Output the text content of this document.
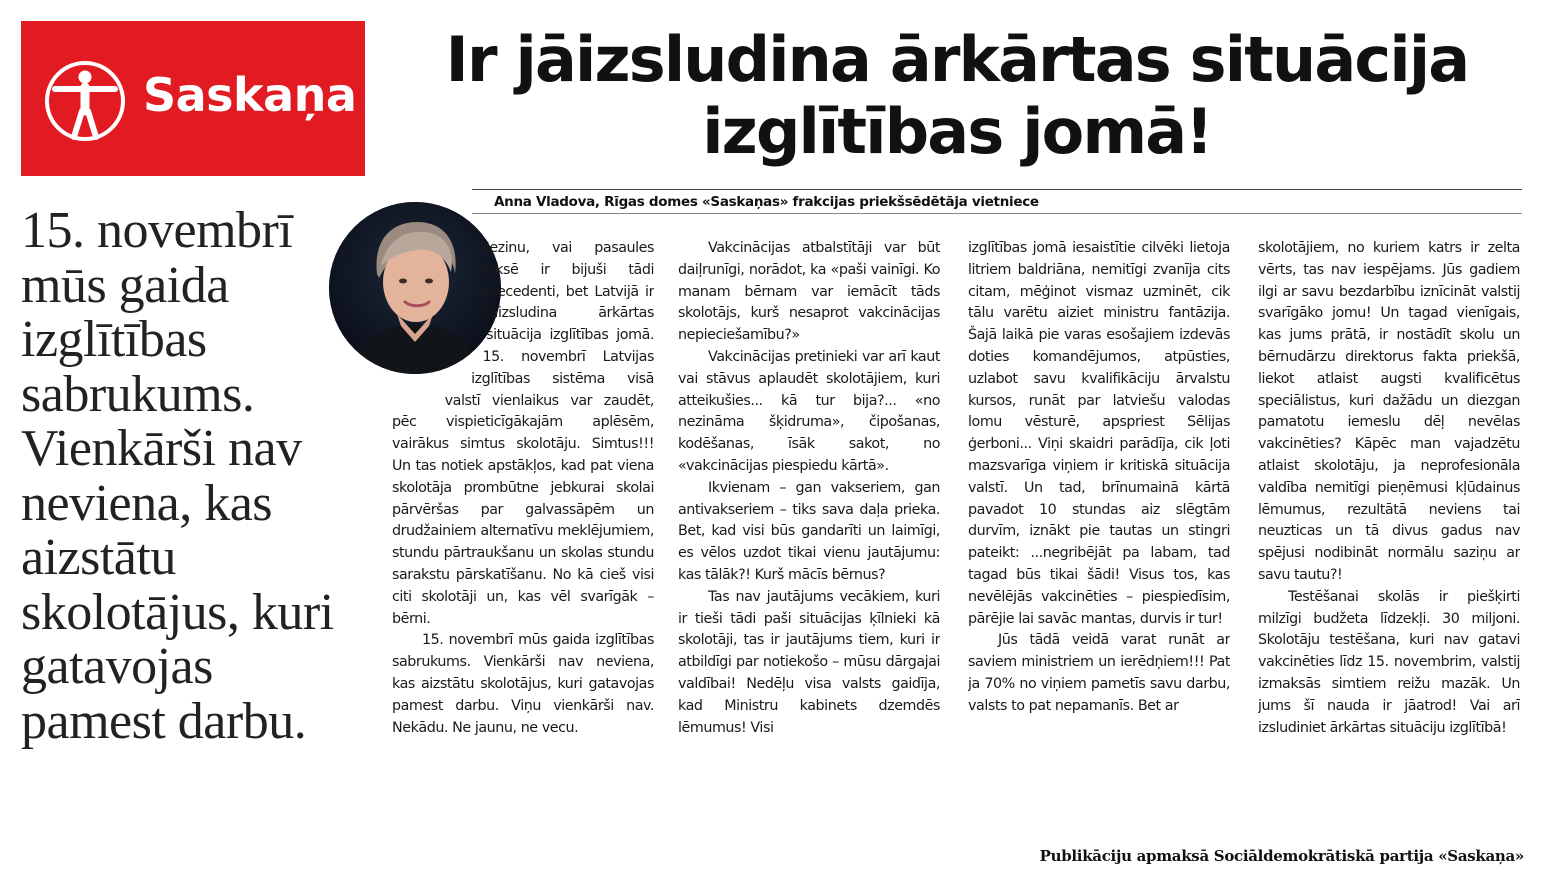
Saskaņa	Ir jāizsludina ārkārtas situācija
izglītības jomā!
Anna Vladova, Rīgas domes «Saskaņas» frakcijas priekšsēdētāja vietniece

15. novembrī mūs gaida izglītības sabrukums. Vienkārši nav neviena, kas aizstātu skolotājus, kuri gatavojas pamest darbu.

Nezinu, vai pasaules praksē ir bijuši tādi precedenti, bet Latvijā ir jāizsludina ārkārtas situācija izglītības jomā. 15. novembrī Latvijas izglītības sistēma visā valstī vienlaikus var zaudēt, pēc vispieticīgākajām aplēsēm, vairākus simtus skolotāju. Simtus!!! Un tas notiek apstākļos, kad pat viena skolotāja prombūtne jebkurai skolai pārvēršas par galvassāpēm un drudžainiem alternatīvu meklējumiem, stundu pārtraukšanu un skolas stundu sarakstu pārskatīšanu. No kā cieš visi citi skolotāji un, kas vēl svarīgāk – bērni.

15. novembrī mūs gaida izglītības sabrukums. Vienkārši nav neviena, kas aizstātu skolotājus, kuri gatavojas pamest darbu. Viņu vienkārši nav. Nekādu. Ne jaunu, ne vecu.

Vakcinācijas atbalstītāji var būt daiļrunīgi, norādot, ka «paši vainīgi. Ko manam bērnam var iemācīt tāds skolotājs, kurš nesaprot vakcinācijas nepieciešamību?»

Vakcinācijas pretinieki var arī kaut vai stāvus aplaudēt skolotājiem, kuri atteikušies... kā tur bija?... «no nezināma šķidruma», čipošanas, kodēšanas, īsāk sakot, no «vakcinācijas piespiedu kārtā».

Ikvienam – gan vakseriem, gan antivakseriem – tiks sava daļa prieka. Bet, kad visi būs gandarīti un laimīgi, es vēlos uzdot tikai vienu jautājumu: kas tālāk?! Kurš mācīs bērnus?

Tas nav jautājums vecākiem, kuri ir tieši tādi paši situācijas ķīlnieki kā skolotāji, tas ir jautājums tiem, kuri ir atbildīgi par notiekošo – mūsu dārgajai valdībai! Nedēļu visa valsts gaidīja, kad Ministru kabinets dzemdēs lēmumus! Visi

izglītības jomā iesaistītie cilvēki lietoja litriem baldriāna, nemitīgi zvanīja cits citam, mēģinot vismaz uzminēt, cik tālu varētu aiziet ministru fantāzija. Šajā laikā pie varas esošajiem izdevās doties komandējumos, atpūsties, uzlabot savu kvalifikāciju ārvalstu kursos, runāt par latviešu valodas lomu vēsturē, apspriest Sēlijas ģerboni... Viņi skaidri parādīja, cik ļoti mazsvarīga viņiem ir kritiskā situācija valstī. Un tad, brīnumainā kārtā pavadot 10 stundas aiz slēgtām durvīm, iznākt pie tautas un stingri pateikt: ...negribējāt pa labam, tad tagad būs tikai šādi! Visus tos, kas nevēlējās vakcinēties – piespiedīsim, pārējie lai savāc mantas, durvis ir tur!

Jūs tādā veidā varat runāt ar saviem ministriem un ierēdņiem!!! Pat ja 70% no viņiem pametīs savu darbu, valsts to pat nepamanīs. Bet ar

skolotājiem, no kuriem katrs ir zelta vērts, tas nav iespējams. Jūs gadiem ilgi ar savu bezdarbību iznīcināt valstij svarīgāko jomu! Un tagad vienīgais, kas jums prātā, ir nostādīt skolu un bērnudārzu direktorus fakta priekšā, liekot atlaist augsti kvalificētus speciālistus, kuri dažādu un diezgan pamatotu iemeslu dēļ nevēlas vakcinēties? Kāpēc man vajadzētu atlaist skolotāju, ja neprofesionāla valdība nemitīgi pieņēmusi kļūdainus lēmumus, rezultātā neviens tai neuzticas un tā divus gadus nav spējusi nodibināt normālu saziņu ar savu tautu?!

Testēšanai skolās ir piešķirti milzīgi budžeta līdzekļi. 30 miljoni. Skolotāju testēšana, kuri nav gatavi vakcinēties līdz 15. novembrim, valstij izmaksās simtiem reižu mazāk. Un jums šī nauda ir jāatrod! Vai arī izsludiniet ārkārtas situāciju izglītībā!

Publikāciju apmaksā Sociāldemokrātiskā partija «Saskaņa»
